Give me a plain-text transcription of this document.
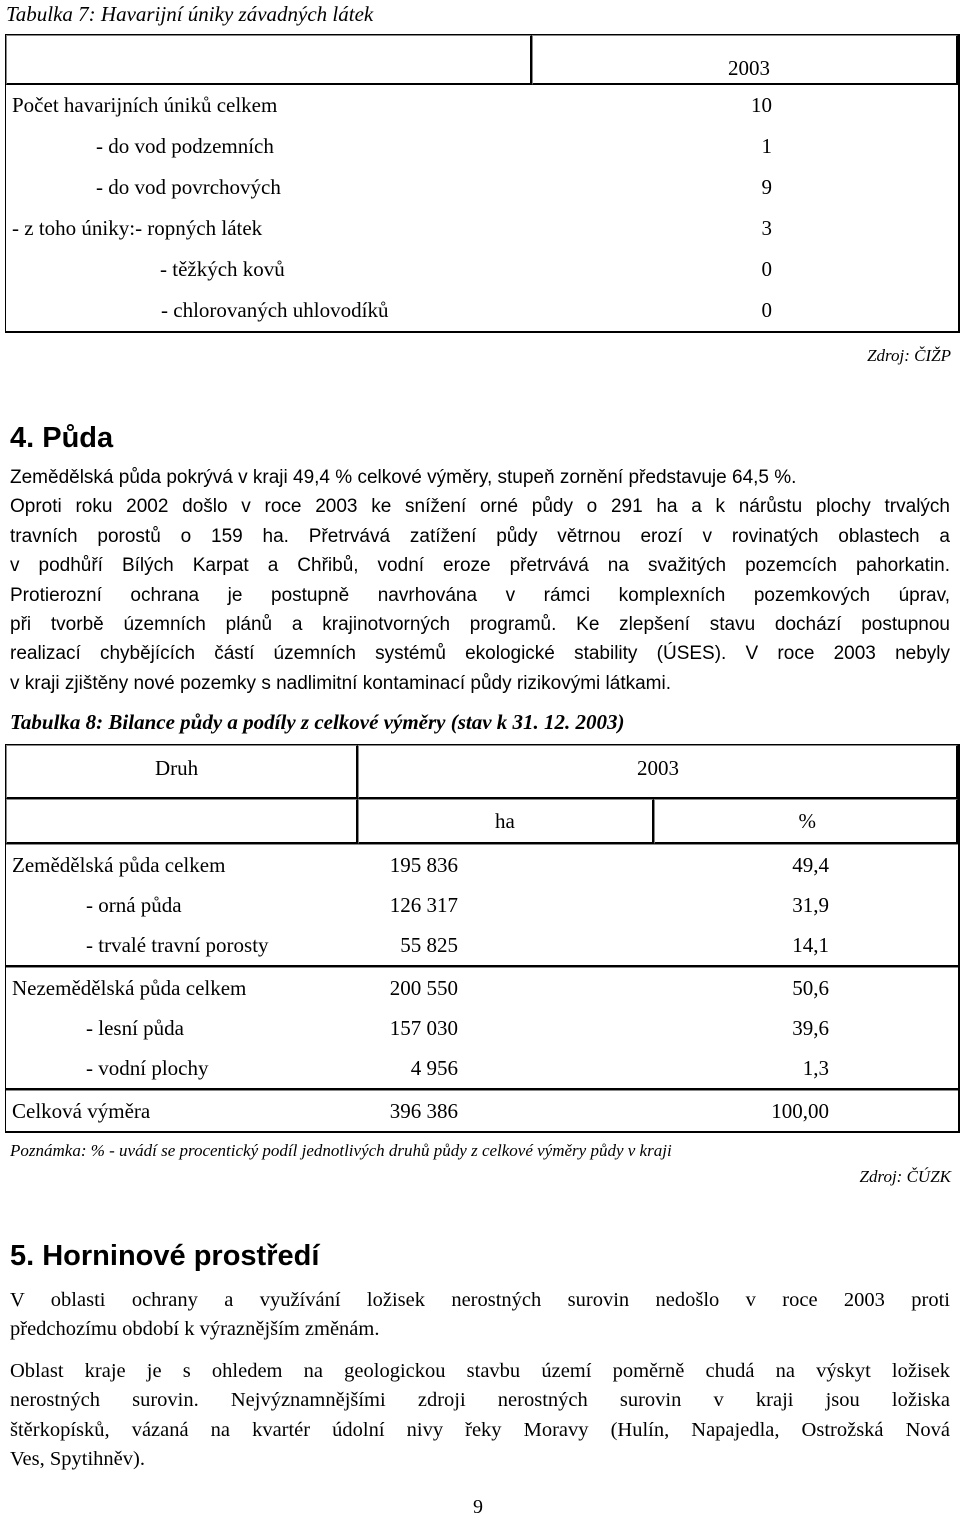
Tabulka 7: Havarijní úniky závadných látek
	2003
Počet havarijních úniků celkem	10
- do vod podzemních	1
- do vod povrchových	9
- z toho úniky:- ropných látek	3
- těžkých kovů	0
- chlorovaných uhlovodíků	0
Zdroj: ČIŽP
4. Půda
Zemědělská půda pokrývá v kraji 49,4 % celkové výměry, stupeň zornění představuje 64,5 %.
Oproti roku 2002 došlo v roce 2003 ke snížení orné půdy o 291 ha a k nárůstu plochy trvalých
travních porostů o 159 ha. Přetrvává zatížení půdy větrnou erozí v rovinatých oblastech a
v podhůří Bílých Karpat a Chřibů, vodní eroze přetrvává na svažitých pozemcích pahorkatin.
Protierozní ochrana je postupně navrhována v rámci komplexních pozemkových úprav,
při tvorbě územních plánů a krajinotvorných programů. Ke zlepšení stavu dochází postupnou
realizací chybějících částí územních systémů ekologické stability (ÚSES). V roce 2003 nebyly
v kraji zjištěny nové pozemky s nadlimitní kontaminací půdy rizikovými látkami.
Tabulka 8: Bilance půdy a podíly z celkové výměry (stav k 31. 12. 2003)
Druh	2003	
	ha	%
Zemědělská půda celkem	195 836	49,4
- orná půda	126 317	31,9
- trvalé travní porosty	55 825	14,1
Nezemědělská půda celkem	200 550	50,6
- lesní půda	157 030	39,6
- vodní plochy	4 956	1,3
Celková výměra	396 386	100,00
Poznámka: % - uvádí se procentický podíl jednotlivých druhů půdy z celkové výměry půdy v kraji
Zdroj: ČÚZK
5. Horninové prostředí
V oblasti ochrany a využívání ložisek nerostných surovin nedošlo v roce 2003 proti
předchozímu období k výraznějším změnám.
Oblast kraje je s ohledem na geologickou stavbu území poměrně chudá na výskyt ložisek
nerostných surovin. Nejvýznamnějšími zdroji nerostných surovin v kraji jsou ložiska
štěrkopísků, vázaná na kvartér údolní nivy řeky Moravy (Hulín, Napajedla, Ostrožská Nová
Ves, Spytihněv).
9
